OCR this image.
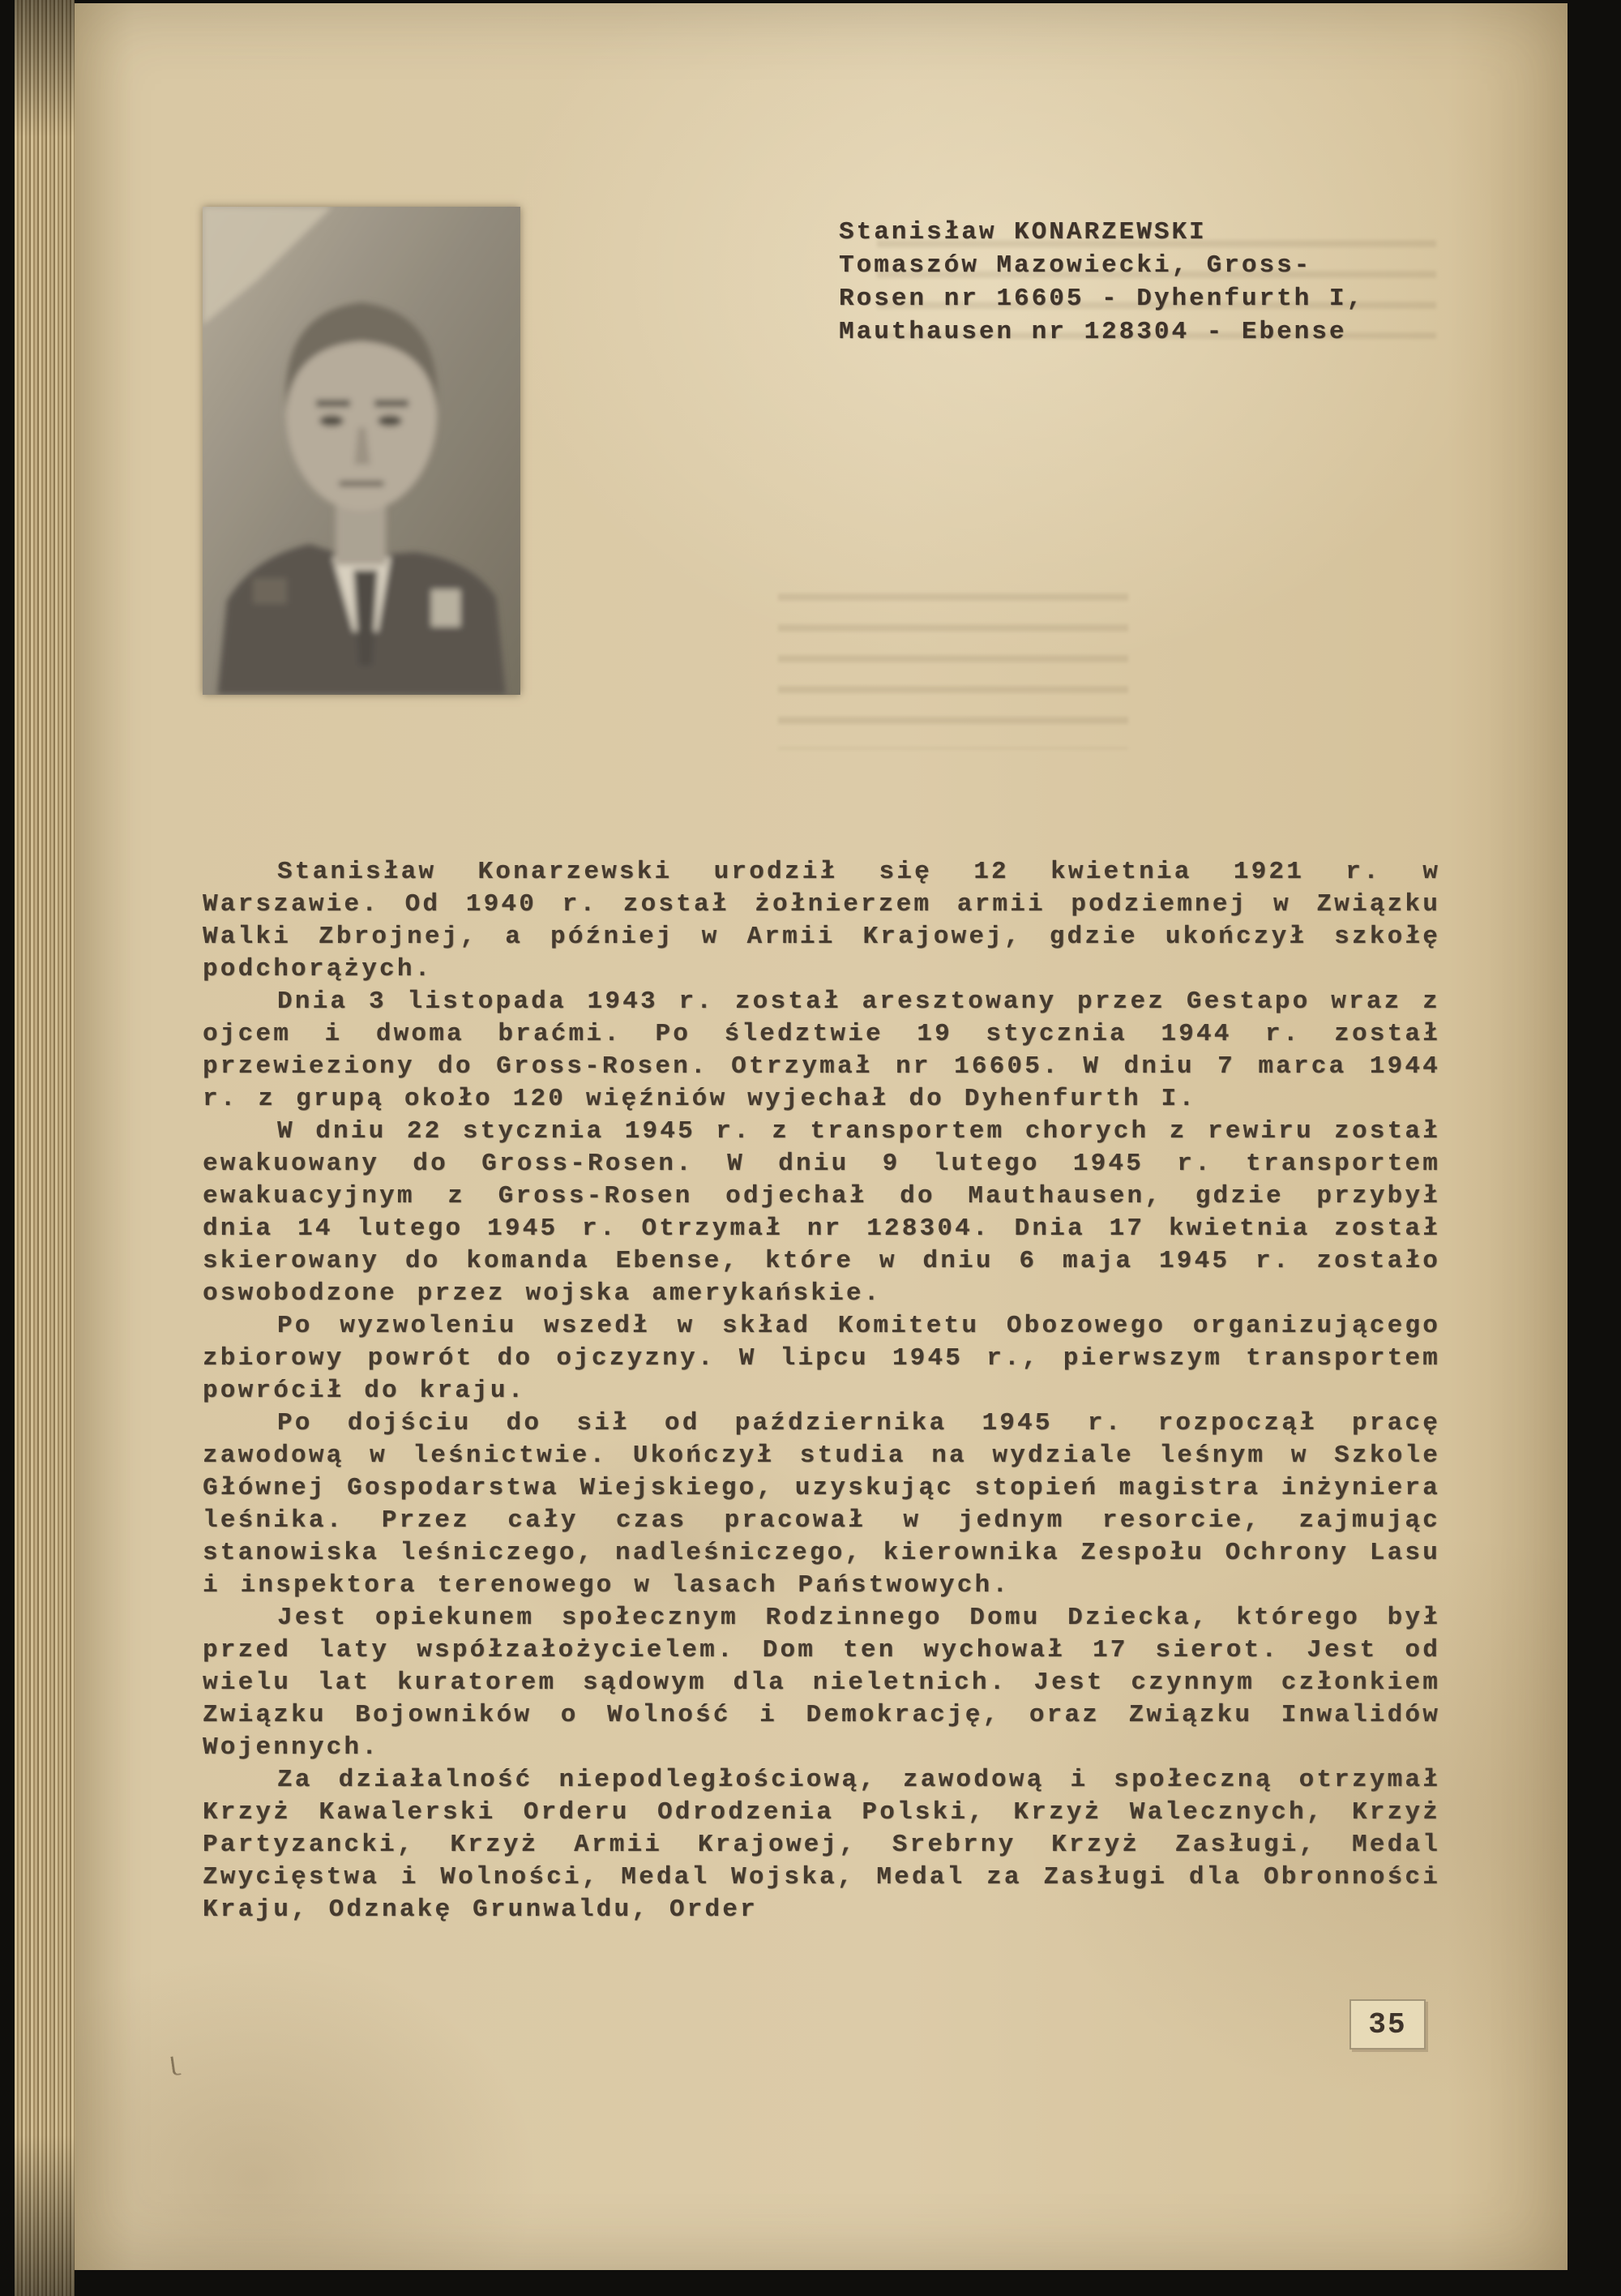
Stanisław KONARZEWSKI
Tomaszów Mazowiecki, Gross-
Rosen nr 16605 - Dyhenfurth I,
Mauthausen nr 128304 - Ebense

Stanisław Konarzewski urodził się 12 kwietnia 1921 r. w Warszawie. Od 1940 r. został żołnierzem armii podziemnej w Związku Walki Zbrojnej, a później w Armii Krajowej, gdzie ukończył szkołę podchorążych.

Dnia 3 listopada 1943 r. został aresztowany przez Gestapo wraz z ojcem i dwoma braćmi. Po śledztwie 19 stycznia 1944 r. został przewieziony do Gross-Rosen. Otrzymał nr 16605. W dniu 7 marca 1944 r. z grupą około 120 więźniów wyjechał do Dyhenfurth I.

W dniu 22 stycznia 1945 r. z transportem chorych z rewiru został ewakuowany do Gross-Rosen. W dniu 9 lutego 1945 r. transportem ewakuacyjnym z Gross-Rosen odjechał do Mauthausen, gdzie przybył dnia 14 lutego 1945 r. Otrzymał nr 128304. Dnia 17 kwietnia został skierowany do komanda Ebense, które w dniu 6 maja 1945 r. zostało oswobodzone przez wojska amerykańskie.

Po wyzwoleniu wszedł w skład Komitetu Obozowego organizującego zbiorowy powrót do ojczyzny. W lipcu 1945 r., pierwszym transportem powrócił do kraju.

Po dojściu do sił od października 1945 r. rozpoczął pracę zawodową w leśnictwie. Ukończył studia na wydziale leśnym w Szkole Głównej Gospodarstwa Wiejskiego, uzyskując stopień magistra inżyniera leśnika. Przez cały czas pracował w jednym resorcie, zajmując stanowiska leśniczego, nadleśniczego, kierownika Zespołu Ochrony Lasu i inspektora terenowego w lasach Państwowych.

Jest opiekunem społecznym Rodzinnego Domu Dziecka, którego był przed laty współzałożycielem. Dom ten wychował 17 sierot. Jest od wielu lat kuratorem sądowym dla nieletnich. Jest czynnym członkiem Związku Bojowników o Wolność i Demokrację, oraz Związku Inwalidów Wojennych.

Za działalność niepodległościową, zawodową i społeczną otrzymał Krzyż Kawalerski Orderu Odrodzenia Polski, Krzyż Walecznych, Krzyż Partyzancki, Krzyż Armii Krajowej, Srebrny Krzyż Zasługi, Medal Zwycięstwa i Wolności, Medal Wojska, Medal za Zasługi dla Obronności Kraju, Odznakę Grunwaldu, Order

35
